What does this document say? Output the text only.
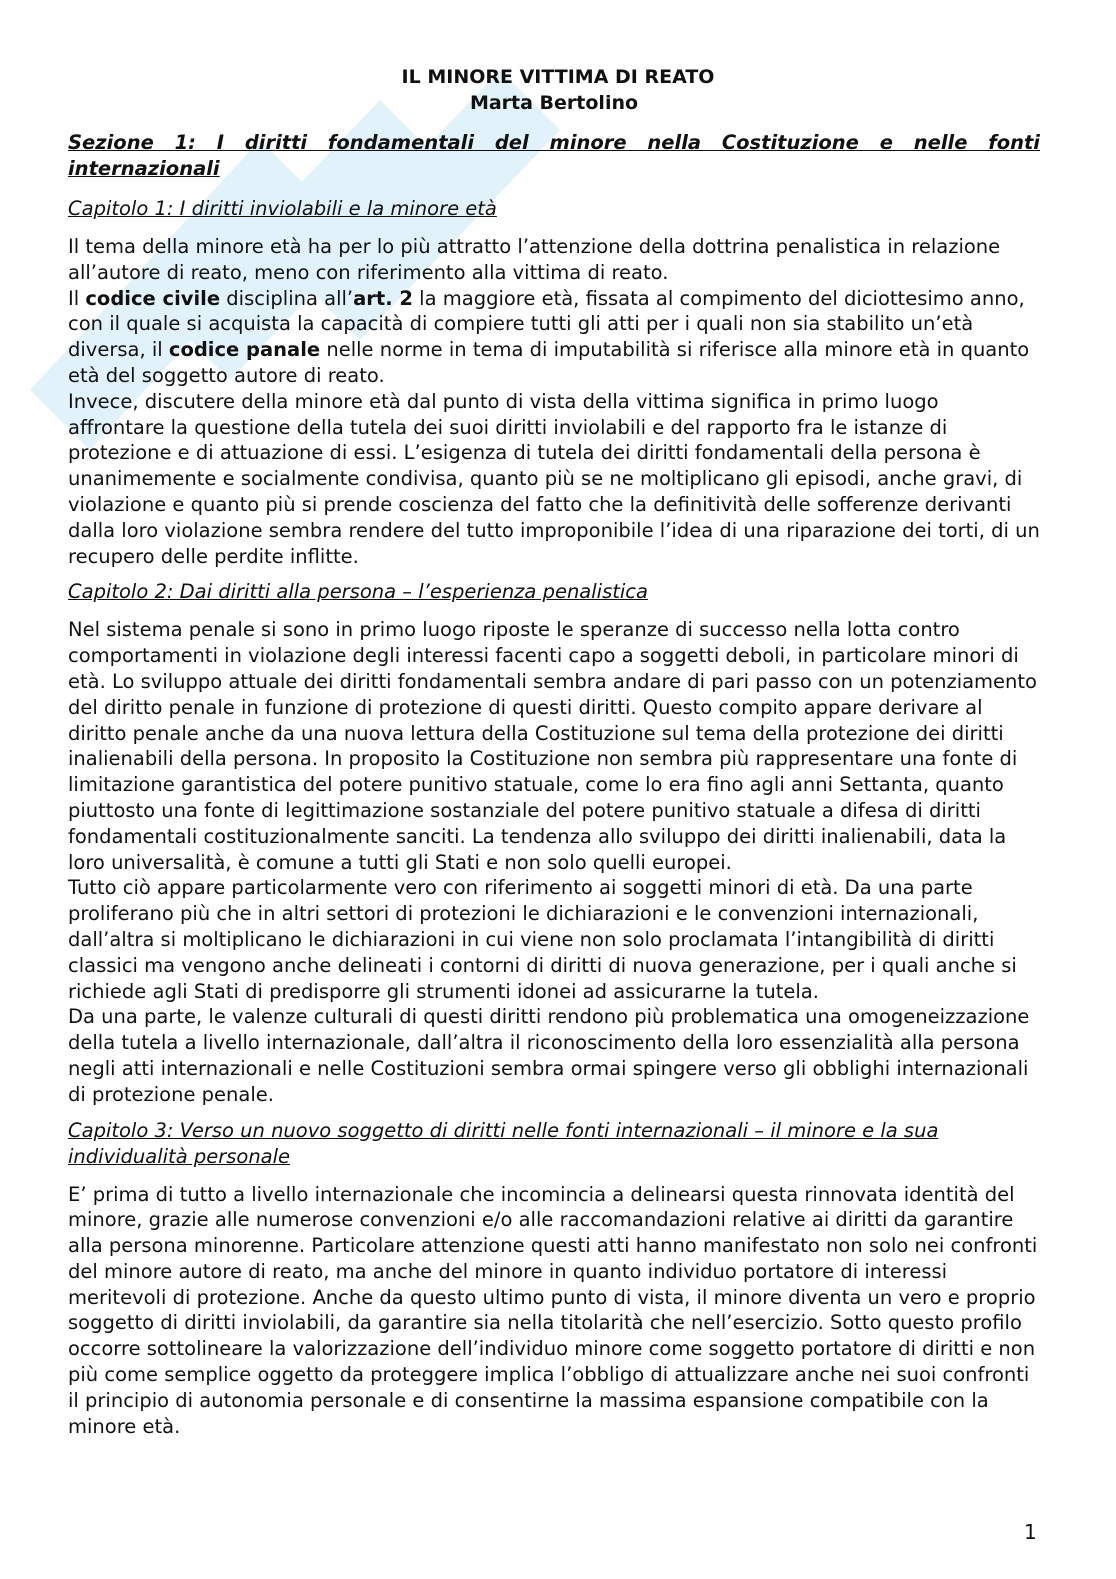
IL MINORE VITTIMA DI REATO
Marta Bertolino
Sezione 1: I diritti fondamentali del minore nella Costituzione e nelle fonti internazionali
Capitolo 1: I diritti inviolabili e la minore età

Il tema della minore età ha per lo più attratto l’attenzione della dottrina penalistica in relazione all’autore di reato, meno con riferimento alla vittima di reato.

Il codice civile disciplina all’art. 2 la maggiore età, fissata al compimento del diciottesimo anno, con il quale si acquista la capacità di compiere tutti gli atti per i quali non sia stabilito un’età diversa, il codice panale nelle norme in tema di imputabilità si riferisce alla minore età in quanto età del soggetto autore di reato.

Invece, discutere della minore età dal punto di vista della vittima significa in primo luogo affrontare la questione della tutela dei suoi diritti inviolabili e del rapporto fra le istanze di protezione e di attuazione di essi. L’esigenza di tutela dei diritti fondamentali della persona è unanimemente e socialmente condivisa, quanto più se ne moltiplicano gli episodi, anche gravi, di violazione e quanto più si prende coscienza del fatto che la definitività delle sofferenze derivanti dalla loro violazione sembra rendere del tutto improponibile l’idea di una riparazione dei torti, di un recupero delle perdite inflitte.

Capitolo 2: Dai diritti alla persona – l’esperienza penalistica

Nel sistema penale si sono in primo luogo riposte le speranze di successo nella lotta contro comportamenti in violazione degli interessi facenti capo a soggetti deboli, in particolare minori di età. Lo sviluppo attuale dei diritti fondamentali sembra andare di pari passo con un potenziamento del diritto penale in funzione di protezione di questi diritti. Questo compito appare derivare al diritto penale anche da una nuova lettura della Costituzione sul tema della protezione dei diritti inalienabili della persona. In proposito la Costituzione non sembra più rappresentare una fonte di limitazione garantistica del potere punitivo statuale, come lo era fino agli anni Settanta, quanto piuttosto una fonte di legittimazione sostanziale del potere punitivo statuale a difesa di diritti fondamentali costituzionalmente sanciti. La tendenza allo sviluppo dei diritti inalienabili, data la loro universalità, è comune a tutti gli Stati e non solo quelli europei.

Tutto ciò appare particolarmente vero con riferimento ai soggetti minori di età. Da una parte proliferano più che in altri settori di protezioni le dichiarazioni e le convenzioni internazionali, dall’altra si moltiplicano le dichiarazioni in cui viene non solo proclamata l’intangibilità di diritti classici ma vengono anche delineati i contorni di diritti di nuova generazione, per i quali anche si richiede agli Stati di predisporre gli strumenti idonei ad assicurarne la tutela.

Da una parte, le valenze culturali di questi diritti rendono più problematica una omogeneizzazione della tutela a livello internazionale, dall’altra il riconoscimento della loro essenzialità alla persona negli atti internazionali e nelle Costituzioni sembra ormai spingere verso gli obblighi internazionali di protezione penale.

Capitolo 3: Verso un nuovo soggetto di diritti nelle fonti internazionali – il minore e la sua individualità personale

E’ prima di tutto a livello internazionale che incomincia a delinearsi questa rinnovata identità del minore, grazie alle numerose convenzioni e/o alle raccomandazioni relative ai diritti da garantire alla persona minorenne. Particolare attenzione questi atti hanno manifestato non solo nei confronti del minore autore di reato, ma anche del minore in quanto individuo portatore di interessi meritevoli di protezione. Anche da questo ultimo punto di vista, il minore diventa un vero e proprio soggetto di diritti inviolabili, da garantire sia nella titolarità che nell’esercizio. Sotto questo profilo occorre sottolineare la valorizzazione dell’individuo minore come soggetto portatore di diritti e non più come semplice oggetto da proteggere implica l’obbligo di attualizzare anche nei suoi confronti il principio di autonomia personale e di consentirne la massima espansione compatibile con la minore età.

1
